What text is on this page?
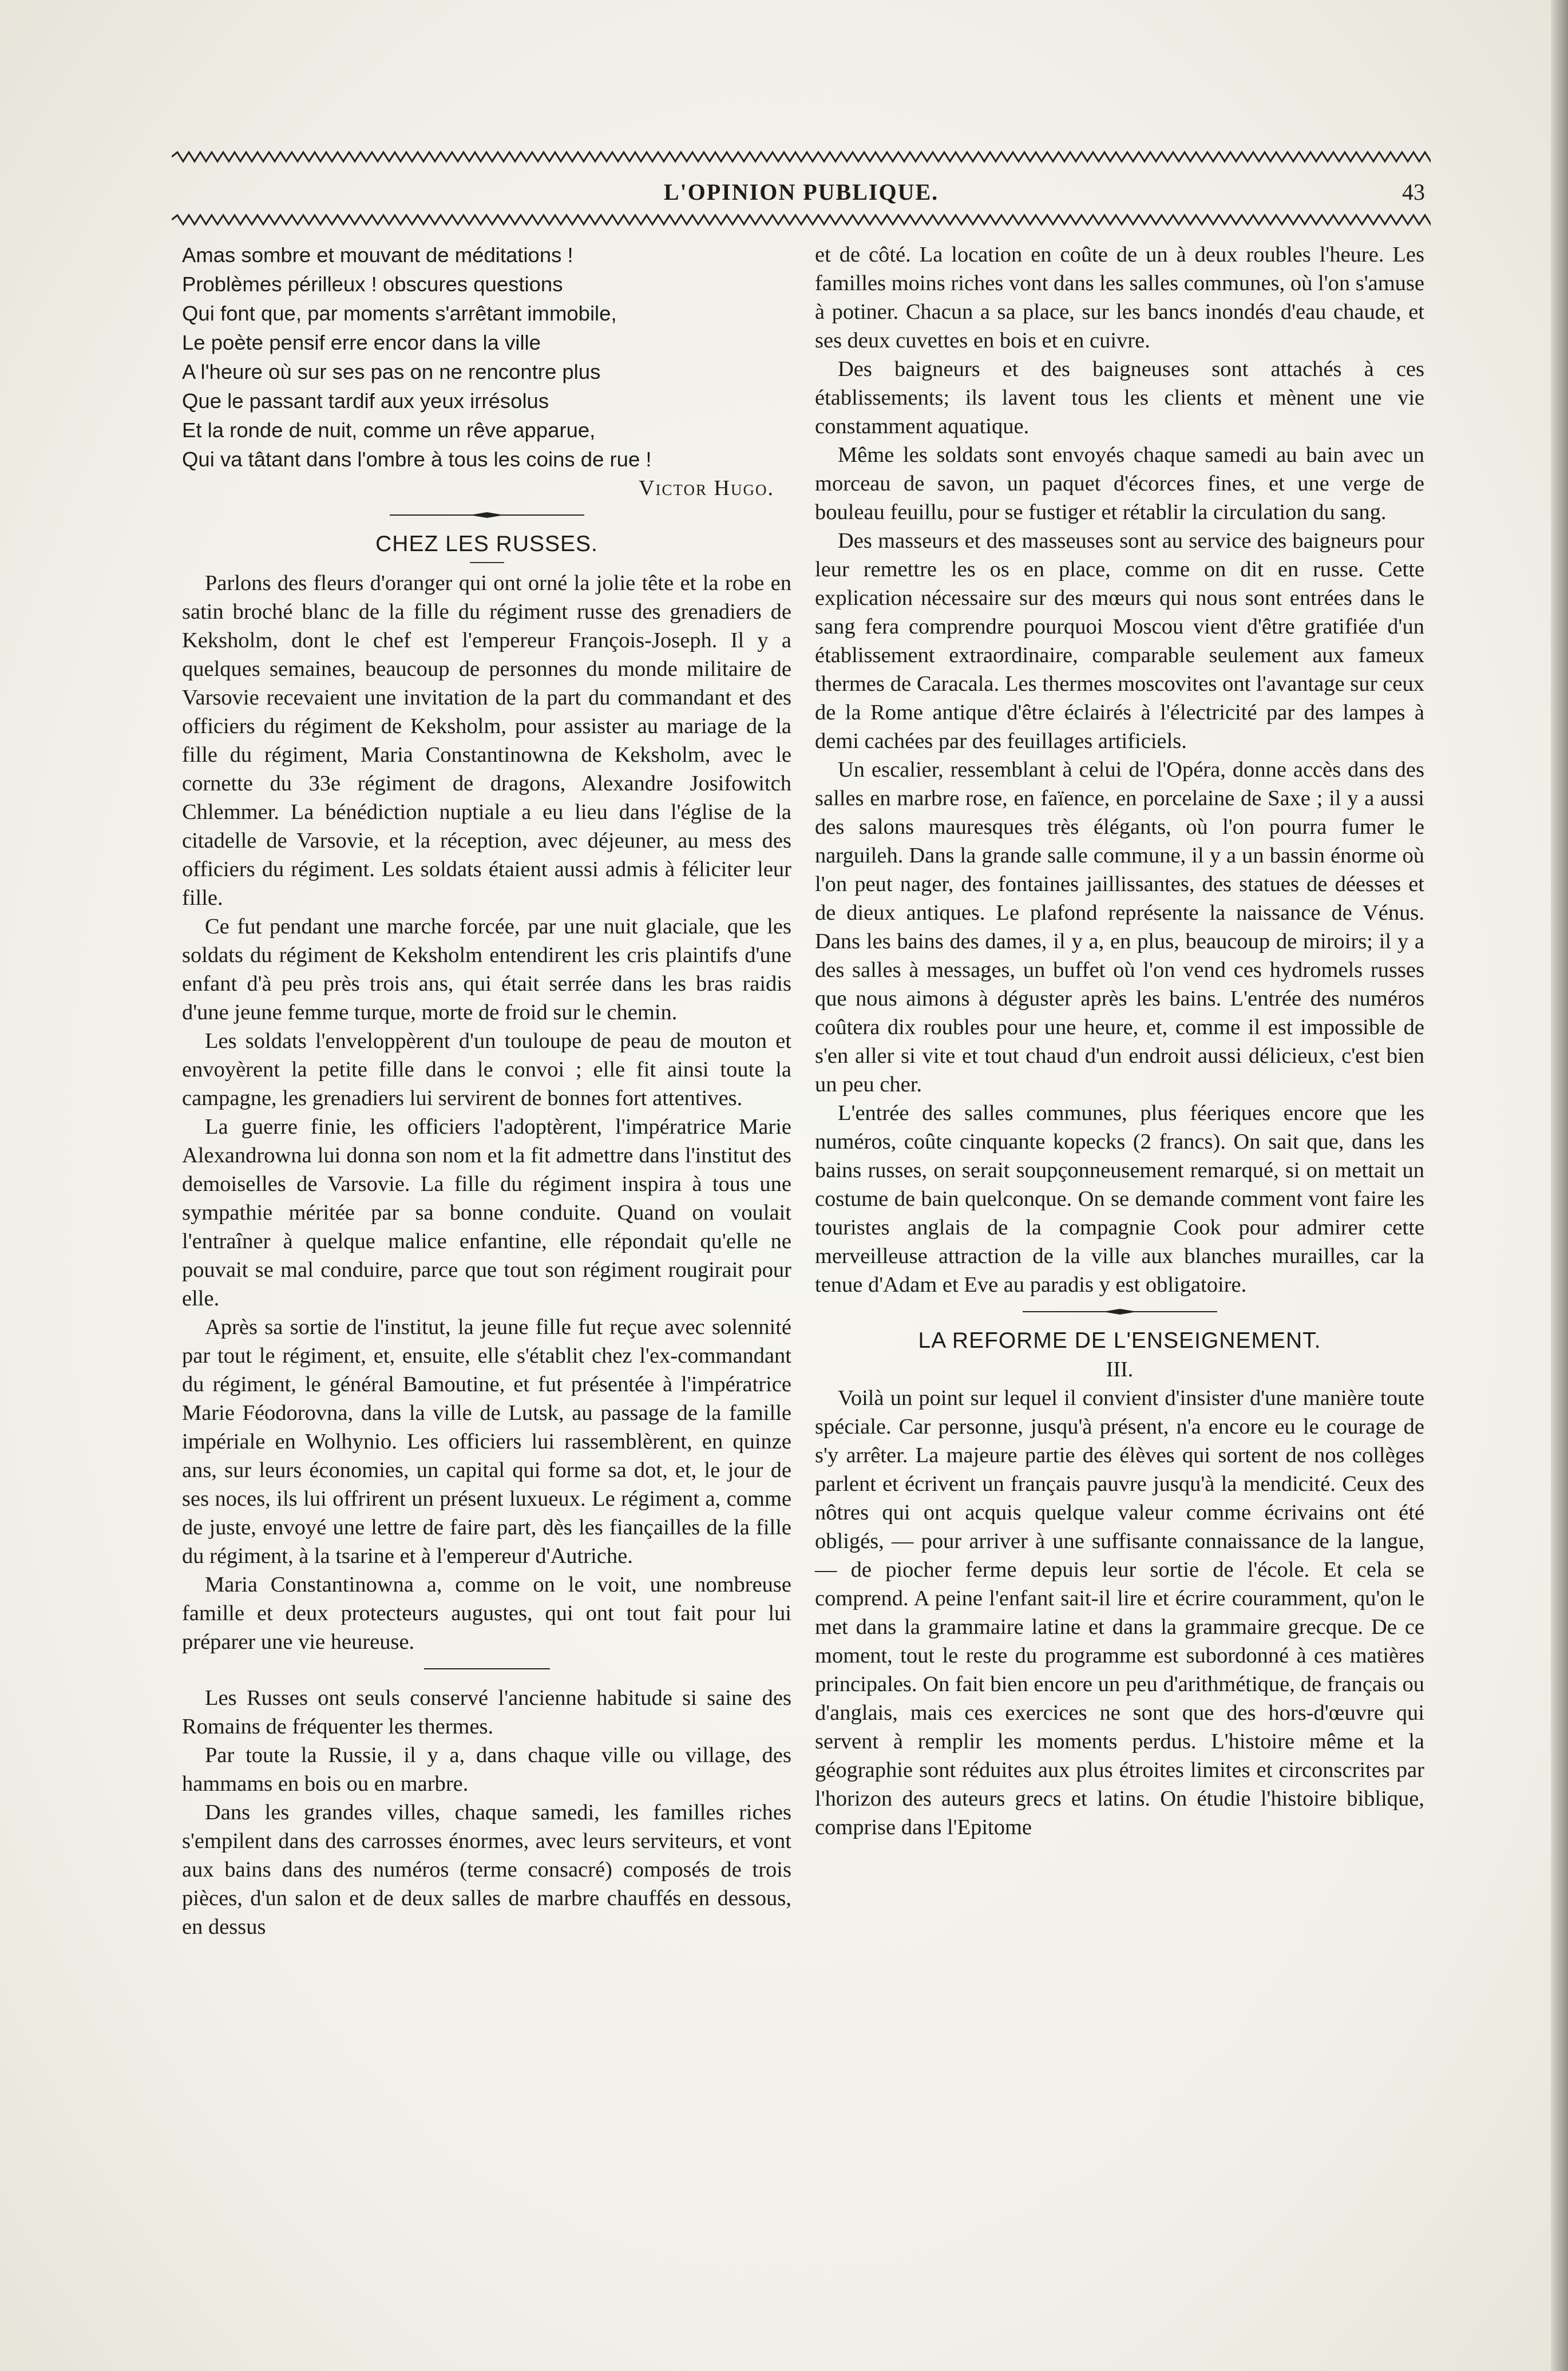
L'OPINION PUBLIQUE.	43
Amas sombre et mouvant de méditations !
Problèmes périlleux ! obscures questions
Qui font que, par moments s'arrêtant immobile,
Le poète pensif erre encor dans la ville
A l'heure où sur ses pas on ne rencontre plus
Que le passant tardif aux yeux irrésolus
Et la ronde de nuit, comme un rêve apparue,
Qui va tâtant dans l'ombre à tous les coins de rue !
Victor Hugo.

CHEZ LES RUSSES.

Parlons des fleurs d'oranger qui ont orné la jolie tête et la robe en satin broché blanc de la fille du régiment russe des grenadiers de Keksholm, dont le chef est l'empereur François-Joseph. Il y a quelques semaines, beaucoup de personnes du monde militaire de Varsovie recevaient une invitation de la part du commandant et des officiers du régiment de Keksholm, pour assister au mariage de la fille du régiment, Maria Constantinowna de Keksholm, avec le cornette du 33e régiment de dragons, Alexandre Josifowitch Chlemmer. La bénédiction nuptiale a eu lieu dans l'église de la citadelle de Varsovie, et la réception, avec déjeuner, au mess des officiers du régiment. Les soldats étaient aussi admis à féliciter leur fille.

Ce fut pendant une marche forcée, par une nuit glaciale, que les soldats du régiment de Keksholm entendirent les cris plaintifs d'une enfant d'à peu près trois ans, qui était serrée dans les bras raidis d'une jeune femme turque, morte de froid sur le chemin.

Les soldats l'enveloppèrent d'un touloupe de peau de mouton et envoyèrent la petite fille dans le convoi ; elle fit ainsi toute la campagne, les grenadiers lui servirent de bonnes fort attentives.

La guerre finie, les officiers l'adoptèrent, l'impératrice Marie Alexandrowna lui donna son nom et la fit admettre dans l'institut des demoiselles de Varsovie. La fille du régiment inspira à tous une sympathie méritée par sa bonne conduite. Quand on voulait l'entraîner à quelque malice enfantine, elle répondait qu'elle ne pouvait se mal conduire, parce que tout son régiment rougirait pour elle.

Après sa sortie de l'institut, la jeune fille fut reçue avec solennité par tout le régiment, et, ensuite, elle s'établit chez l'ex-commandant du régiment, le général Bamoutine, et fut présentée à l'impératrice Marie Féodorovna, dans la ville de Lutsk, au passage de la famille impériale en Wolhynio. Les officiers lui rassemblèrent, en quinze ans, sur leurs économies, un capital qui forme sa dot, et, le jour de ses noces, ils lui offrirent un présent luxueux. Le régiment a, comme de juste, envoyé une lettre de faire part, dès les fiançailles de la fille du régiment, à la tsarine et à l'empereur d'Autriche.

Maria Constantinowna a, comme on le voit, une nombreuse famille et deux protecteurs augustes, qui ont tout fait pour lui préparer une vie heureuse.

Les Russes ont seuls conservé l'ancienne habitude si saine des Romains de fréquenter les thermes.

Par toute la Russie, il y a, dans chaque ville ou village, des hammams en bois ou en marbre.

Dans les grandes villes, chaque samedi, les familles riches s'empilent dans des carrosses énormes, avec leurs serviteurs, et vont aux bains dans des numéros (terme consacré) composés de trois pièces, d'un salon et de deux salles de marbre chauffés en dessous, en dessus

et de côté. La location en coûte de un à deux roubles l'heure. Les familles moins riches vont dans les salles communes, où l'on s'amuse à potiner. Chacun a sa place, sur les bancs inondés d'eau chaude, et ses deux cuvettes en bois et en cuivre.

Des baigneurs et des baigneuses sont attachés à ces établissements; ils lavent tous les clients et mènent une vie constamment aquatique.

Même les soldats sont envoyés chaque samedi au bain avec un morceau de savon, un paquet d'écorces fines, et une verge de bouleau feuillu, pour se fustiger et rétablir la circulation du sang.

Des masseurs et des masseuses sont au service des baigneurs pour leur remettre les os en place, comme on dit en russe. Cette explication nécessaire sur des mœurs qui nous sont entrées dans le sang fera comprendre pourquoi Moscou vient d'être gratifiée d'un établissement extraordinaire, comparable seulement aux fameux thermes de Caracala. Les thermes moscovites ont l'avantage sur ceux de la Rome antique d'être éclairés à l'électricité par des lampes à demi cachées par des feuillages artificiels.

Un escalier, ressemblant à celui de l'Opéra, donne accès dans des salles en marbre rose, en faïence, en porcelaine de Saxe ; il y a aussi des salons mauresques très élégants, où l'on pourra fumer le narguileh. Dans la grande salle commune, il y a un bassin énorme où l'on peut nager, des fontaines jaillissantes, des statues de déesses et de dieux antiques. Le plafond représente la naissance de Vénus. Dans les bains des dames, il y a, en plus, beaucoup de miroirs; il y a des salles à messages, un buffet où l'on vend ces hydromels russes que nous aimons à déguster après les bains. L'entrée des numéros coûtera dix roubles pour une heure, et, comme il est impossible de s'en aller si vite et tout chaud d'un endroit aussi délicieux, c'est bien un peu cher.

L'entrée des salles communes, plus féeriques encore que les numéros, coûte cinquante kopecks (2 francs). On sait que, dans les bains russes, on serait soupçonneusement remarqué, si on mettait un costume de bain quelconque. On se demande comment vont faire les touristes anglais de la compagnie Cook pour admirer cette merveilleuse attraction de la ville aux blanches murailles, car la tenue d'Adam et Eve au paradis y est obligatoire.

LA REFORME DE L'ENSEIGNEMENT.

III.

Voilà un point sur lequel il convient d'insister d'une manière toute spéciale. Car personne, jusqu'à présent, n'a encore eu le courage de s'y arrêter. La majeure partie des élèves qui sortent de nos collèges parlent et écrivent un français pauvre jusqu'à la mendicité. Ceux des nôtres qui ont acquis quelque valeur comme écrivains ont été obligés, — pour arriver à une suffisante connaissance de la langue, — de piocher ferme depuis leur sortie de l'école. Et cela se comprend. A peine l'enfant sait-il lire et écrire couramment, qu'on le met dans la grammaire latine et dans la grammaire grecque. De ce moment, tout le reste du programme est subordonné à ces matières principales. On fait bien encore un peu d'arithmétique, de français ou d'anglais, mais ces exercices ne sont que des hors-d'œuvre qui servent à remplir les moments perdus. L'histoire même et la géographie sont réduites aux plus étroites limites et circonscrites par l'horizon des auteurs grecs et latins. On étudie l'histoire biblique, comprise dans l'Epitome
